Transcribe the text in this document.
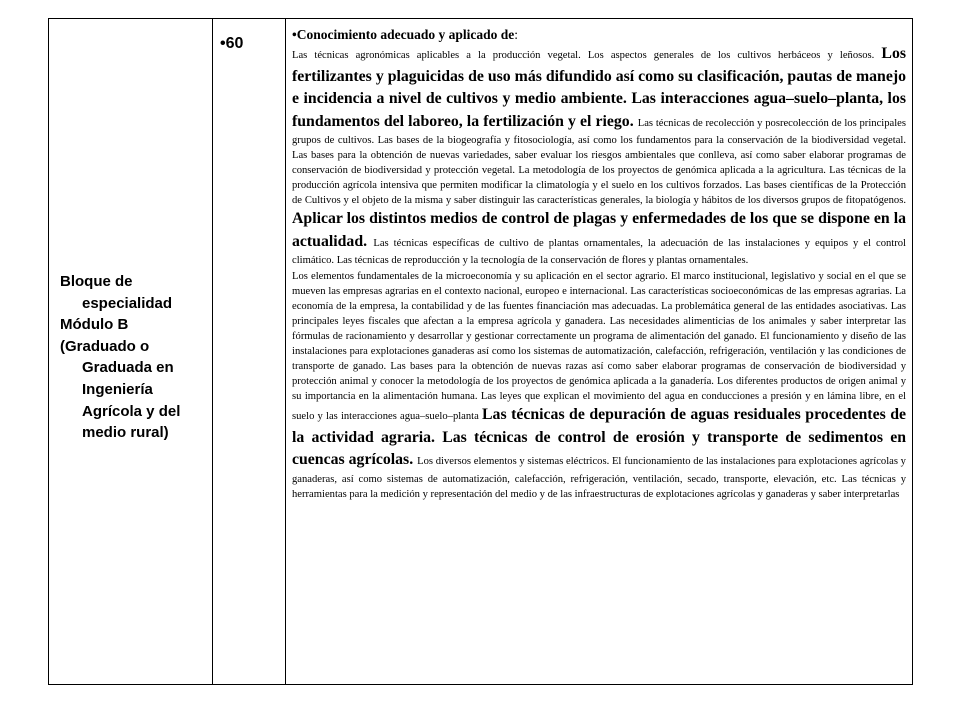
Bloque de
especialidad
Módulo B
(Graduado o
Graduada en
Ingeniería
Agrícola y del
medio rural)
•60

•Conocimiento adecuado y aplicado de:

Las técnicas agronómicas aplicables a la producción vegetal. Los aspectos generales de los cultivos herbáceos y leñosos. Los fertilizantes y plaguicidas de uso más difundido así como su clasificación, pautas de manejo e incidencia a nivel de cultivos y medio ambiente. Las interacciones agua–suelo–planta, los fundamentos del laboreo, la fertilización y el riego. Las técnicas de recolección y posrecolección de los principales grupos de cultivos. Las bases de la biogeografía y fitosociología, así como los fundamentos para la conservación de la biodiversidad vegetal. Las bases para la obtención de nuevas variedades, saber evaluar los riesgos ambientales que conlleva, así como saber elaborar programas de conservación de biodiversidad y protección vegetal. La metodología de los proyectos de genómica aplicada a la agricultura. Las técnicas de la producción agrícola intensiva que permiten modificar la climatología y el suelo en los cultivos forzados. Las bases científicas de la Protección de Cultivos y el objeto de la misma y saber distinguir las características generales, la biología y hábitos de los diversos grupos de fitopatógenos. Aplicar los distintos medios de control de plagas y enfermedades de los que se dispone en la actualidad. Las técnicas específicas de cultivo de plantas ornamentales, la adecuación de las instalaciones y equipos y el control climático. Las técnicas de reproducción y la tecnología de la conservación de flores y plantas ornamentales.

Los elementos fundamentales de la microeconomía y su aplicación en el sector agrario. El marco institucional, legislativo y social en el que se mueven las empresas agrarias en el contexto nacional, europeo e internacional. Las características socioeconómicas de las empresas agrarias. La economía de la empresa, la contabilidad y de las fuentes financiación mas adecuadas. La problemática general de las entidades asociativas. Las principales leyes fiscales que afectan a la empresa agrícola y ganadera. Las necesidades alimenticias de los animales y saber interpretar las fórmulas de racionamiento y desarrollar y gestionar correctamente un programa de alimentación del ganado. El funcionamiento y diseño de las instalaciones para explotaciones ganaderas así como los sistemas de automatización, calefacción, refrigeración, ventilación y las condiciones de transporte de ganado. Las bases para la obtención de nuevas razas así como saber elaborar programas de conservación de biodiversidad y protección animal y conocer la metodología de los proyectos de genómica aplicada a la ganadería. Los diferentes productos de origen animal y su importancia en la alimentación humana. Las leyes que explican el movimiento del agua en conducciones a presión y en lámina libre, en el suelo y las interacciones agua–suelo–planta Las técnicas de depuración de aguas residuales procedentes de la actividad agraria. Las técnicas de control de erosión y transporte de sedimentos en cuencas agrícolas. Los diversos elementos y sistemas eléctricos. El funcionamiento de las instalaciones para explotaciones agrícolas y ganaderas, así como sistemas de automatización, calefacción, refrigeración, ventilación, secado, transporte, elevación, etc. Las técnicas y herramientas para la medición y representación del medio y de las infraestructuras de explotaciones agrícolas y ganaderas y saber interpretarlas
